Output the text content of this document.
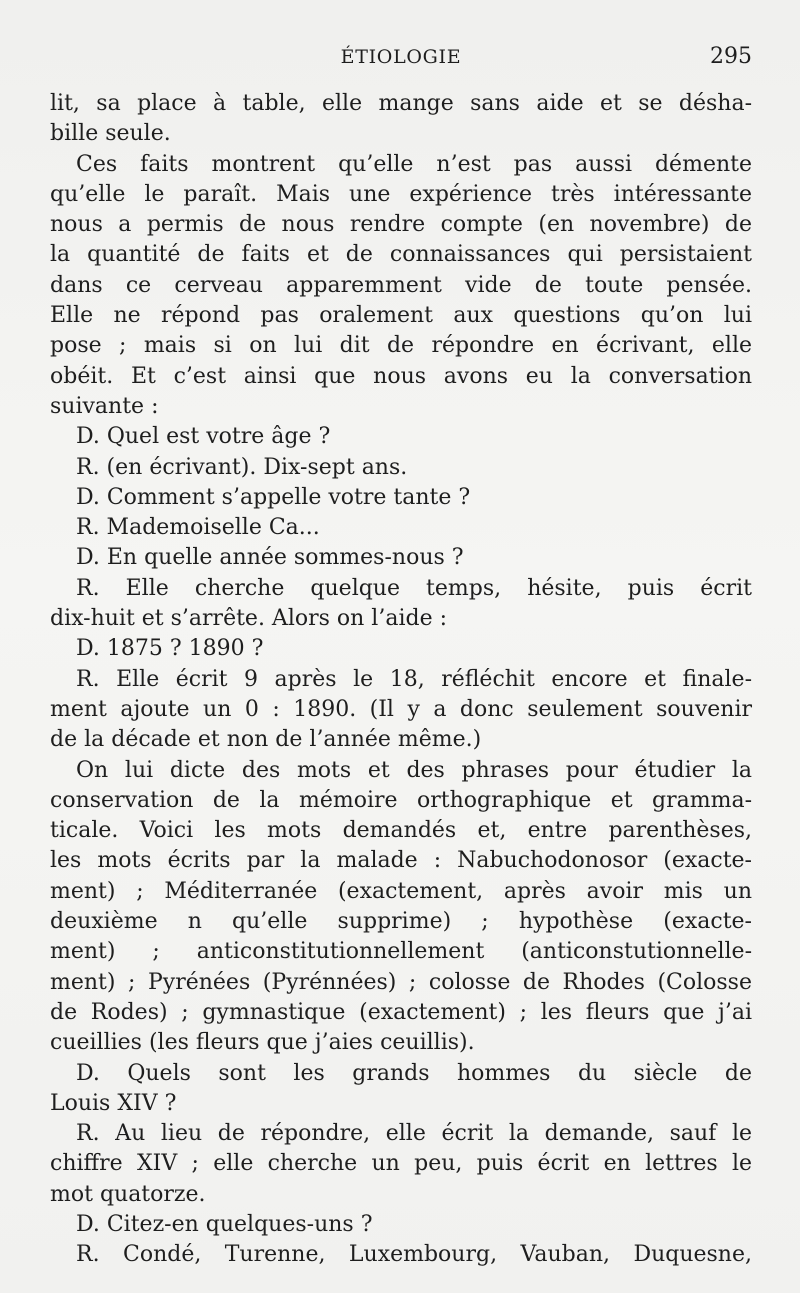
ÉTIOLOGIE	295
lit, sa place à table, elle mange sans aide et se désha-
bille seule.
Ces faits montrent qu’elle n’est pas aussi démente
qu’elle le paraît. Mais une expérience très intéressante
nous a permis de nous rendre compte (en novembre) de
la quantité de faits et de connaissances qui persistaient
dans ce cerveau apparemment vide de toute pensée.
Elle ne répond pas oralement aux questions qu’on lui
pose ; mais si on lui dit de répondre en écrivant, elle
obéit. Et c’est ainsi que nous avons eu la conversation
suivante :
D. Quel est votre âge ?
R. (en écrivant). Dix-sept ans.
D. Comment s’appelle votre tante ?
R. Mademoiselle Ca...
D. En quelle année sommes-nous ?
R. Elle cherche quelque temps, hésite, puis écrit
dix-huit et s’arrête. Alors on l’aide :
D. 1875 ? 1890 ?
R. Elle écrit 9 après le 18, réfléchit encore et finale-
ment ajoute un 0 : 1890. (Il y a donc seulement souvenir
de la décade et non de l’année même.)
On lui dicte des mots et des phrases pour étudier la
conservation de la mémoire orthographique et gramma-
ticale. Voici les mots demandés et, entre parenthèses,
les mots écrits par la malade : Nabuchodonosor (exacte-
ment) ; Méditerranée (exactement, après avoir mis un
deuxième n qu’elle supprime) ; hypothèse (exacte-
ment) ; anticonstitutionnellement (anticonstutionnelle-
ment) ; Pyrénées (Pyrénnées) ; colosse de Rhodes (Colosse
de Rodes) ; gymnastique (exactement) ; les fleurs que j’ai
cueillies (les fleurs que j’aies ceuillis).
D. Quels sont les grands hommes du siècle de
Louis XIV ?
R. Au lieu de répondre, elle écrit la demande, sauf le
chiffre XIV ; elle cherche un peu, puis écrit en lettres le
mot quatorze.
D. Citez-en quelques-uns ?
R. Condé, Turenne, Luxembourg, Vauban, Duquesne,
